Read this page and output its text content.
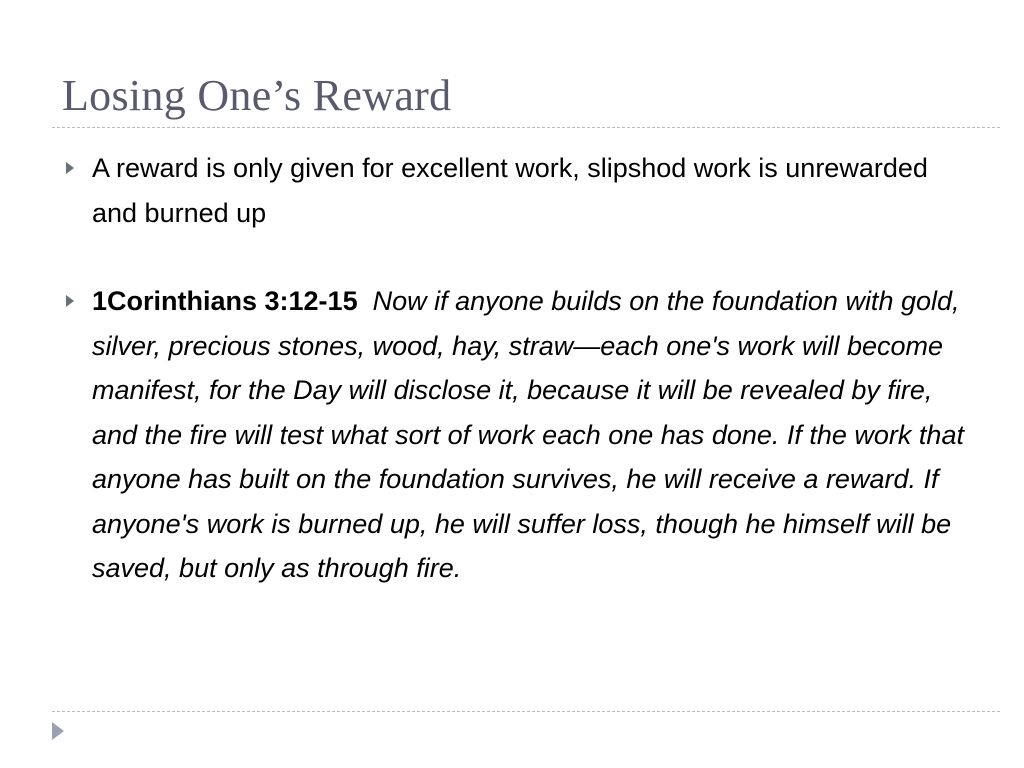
Losing One’s Reward
A reward is only given for excellent work, slipshod work is unrewarded and burned up
1Corinthians 3:12-15 Now if anyone builds on the foundation with gold, silver, precious stones, wood, hay, straw—each one's work will become manifest, for the Day will disclose it, because it will be revealed by fire, and the fire will test what sort of work each one has done. If the work that anyone has built on the foundation survives, he will receive a reward. If anyone's work is burned up, he will suffer loss, though he himself will be saved, but only as through fire.
